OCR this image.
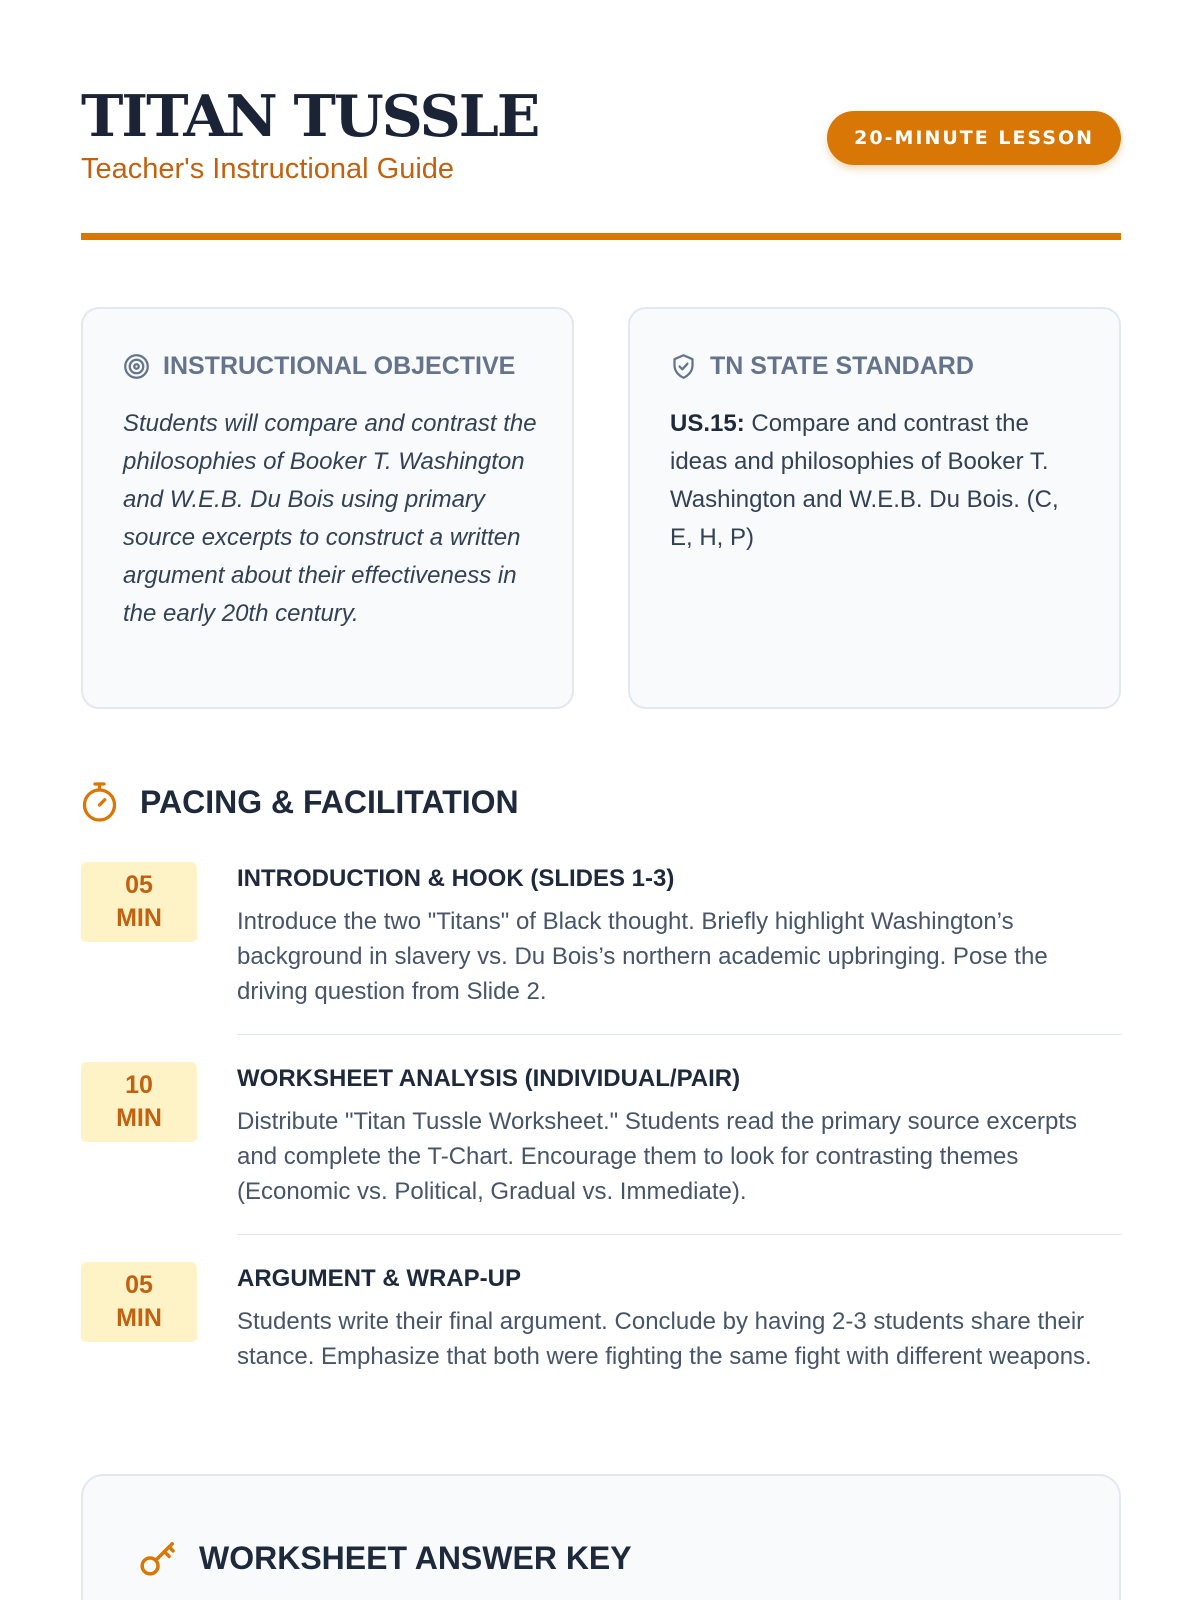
TITAN TUSSLE
Teacher's Instructional Guide
20-MINUTE LESSON
INSTRUCTIONAL OBJECTIVE

Students will compare and contrast the philosophies of Booker T. Washington and W.E.B. Du Bois using primary source excerpts to construct a written argument about their effectiveness in the early 20th century.

TN STATE STANDARD

US.15: Compare and contrast the ideas and philosophies of Booker T. Washington and W.E.B. Du Bois. (C, E, H, P)

PACING & FACILITATION
05
MIN
INTRODUCTION & HOOK (SLIDES 1-3)

Introduce the two "Titans" of Black thought. Briefly highlight Washington’s background in slavery vs. Du Bois’s northern academic upbringing. Pose the driving question from Slide 2.

10
MIN
WORKSHEET ANALYSIS (INDIVIDUAL/PAIR)

Distribute "Titan Tussle Worksheet." Students read the primary source excerpts and complete the T-Chart. Encourage them to look for contrasting themes (Economic vs. Political, Gradual vs. Immediate).

05
MIN
ARGUMENT & WRAP-UP

Students write their final argument. Conclude by having 2-3 students share their stance. Emphasize that both were fighting the same fight with different weapons.

WORKSHEET ANSWER KEY
